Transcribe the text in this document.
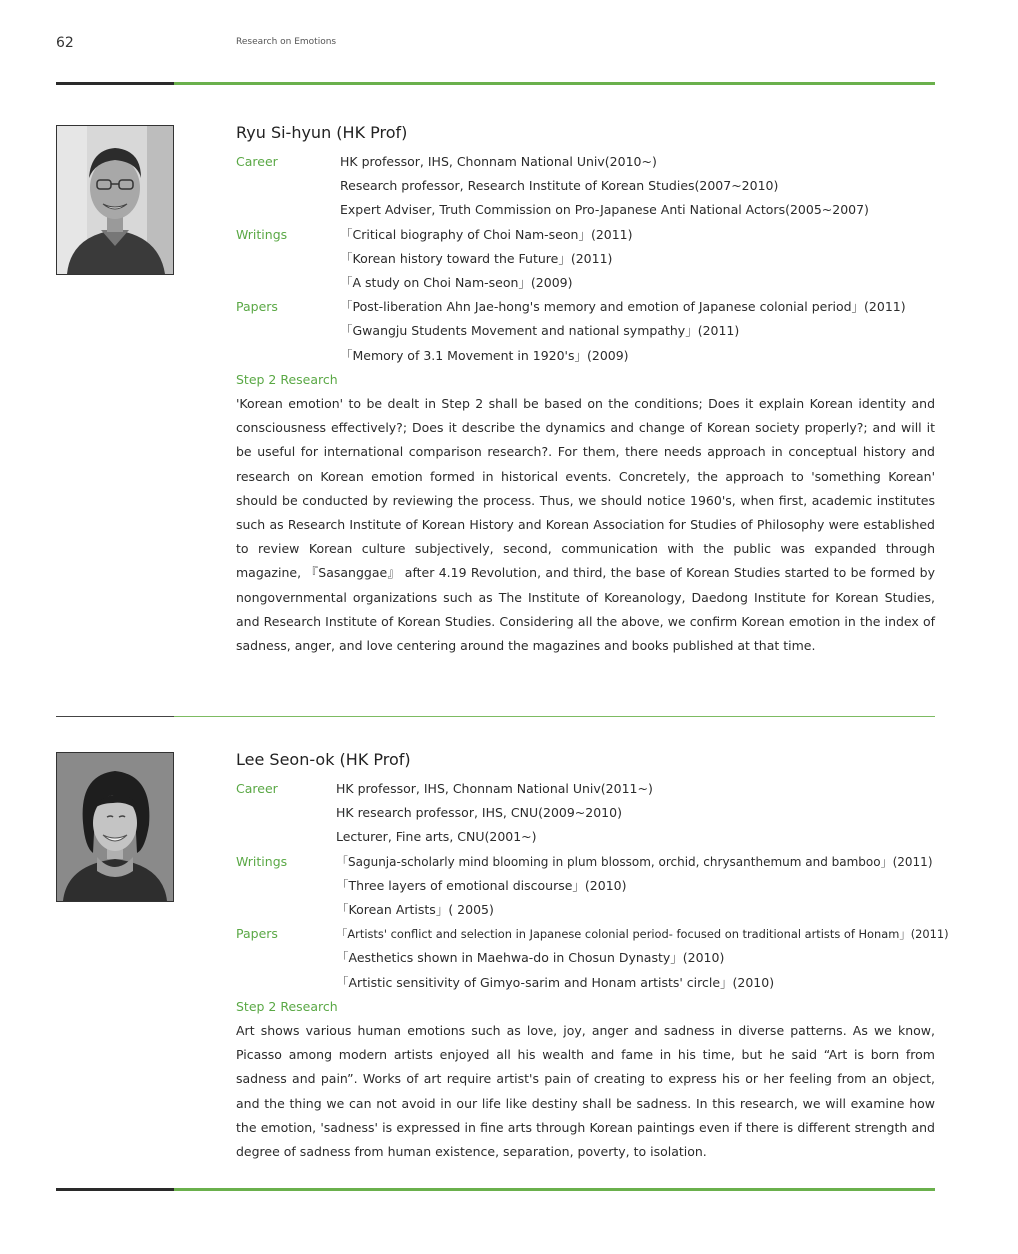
62	Research on Emotions
Ryu Si-hyun (HK Prof)
Career	HK professor, IHS, Chonnam National Univ(2010~)
Research professor, Research Institute of Korean Studies(2007~2010)
Expert Adviser, Truth Commission on Pro-Japanese Anti National Actors(2005~2007)
Writings	「Critical biography of Choi Nam-seon」(2011)
「Korean history toward the Future」(2011)
「A study on Choi Nam-seon」(2009)
Papers	「Post-liberation Ahn Jae-hong's memory and emotion of Japanese colonial period」(2011)
「Gwangju Students Movement and national sympathy」(2011)
「Memory of 3.1 Movement in 1920's」(2009)
Step 2 Research

'Korean emotion' to be dealt in Step 2 shall be based on the conditions; Does it explain Korean identity and consciousness effectively?; Does it describe the dynamics and change of Korean society properly?; and will it be useful for international comparison research?. For them, there needs approach in conceptual history and research on Korean emotion formed in historical events. Concretely, the approach to 'something Korean' should be conducted by reviewing the process. Thus, we should notice 1960's, when first, academic institutes such as Research Institute of Korean History and Korean Association for Studies of Philosophy were established to review Korean culture subjectively, second, communication with the public was expanded through magazine, 『Sasanggae』 after 4.19 Revolution, and third, the base of Korean Studies started to be formed by nongovernmental organizations such as The Institute of Koreanology, Daedong Institute for Korean Studies, and Research Institute of Korean Studies. Considering all the above, we confirm Korean emotion in the index of sadness, anger, and love centering around the magazines and books published at that time.

Lee Seon-ok (HK Prof)
Career	HK professor, IHS, Chonnam National Univ(2011~)
HK research professor, IHS, CNU(2009~2010)
Lecturer, Fine arts, CNU(2001~)
Writings	「Sagunja-scholarly mind blooming in plum blossom, orchid, chrysanthemum and bamboo」(2011)
「Three layers of emotional discourse」(2010)
「Korean Artists」( 2005)
Papers	「Artists' conflict and selection in Japanese colonial period- focused on traditional artists of Honam」(2011)
「Aesthetics shown in Maehwa-do in Chosun Dynasty」(2010)
「Artistic sensitivity of Gimyo-sarim and Honam artists' circle」(2010)
Step 2 Research

Art shows various human emotions such as love, joy, anger and sadness in diverse patterns. As we know, Picasso among modern artists enjoyed all his wealth and fame in his time, but he said “Art is born from sadness and pain”. Works of art require artist's pain of creating to express his or her feeling from an object, and the thing we can not avoid in our life like destiny shall be sadness. In this research, we will examine how the emotion, 'sadness' is expressed in fine arts through Korean paintings even if there is different strength and degree of sadness from human existence, separation, poverty, to isolation.
